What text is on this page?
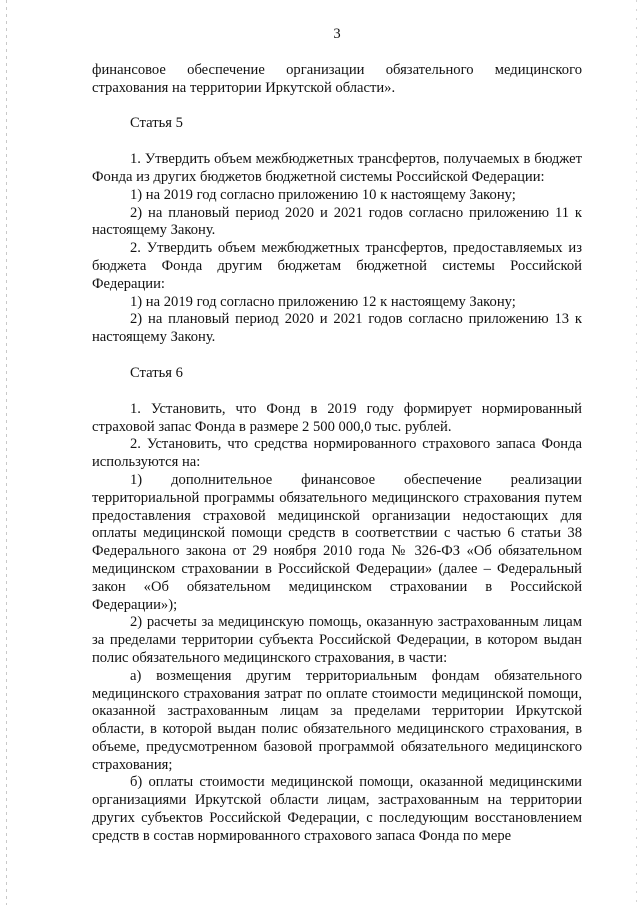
3

финансовое обеспечение организации обязательного медицинского страхования на территории Иркутской области».

Статья 5

1. Утвердить объем межбюджетных трансфертов, получаемых в бюджет Фонда из других бюджетов бюджетной системы Российской Федерации:

1) на 2019 год согласно приложению 10 к настоящему Закону;

2) на плановый период 2020 и 2021 годов согласно приложению 11 к настоящему Закону.

2. Утвердить объем межбюджетных трансфертов, предоставляемых из бюджета Фонда другим бюджетам бюджетной системы Российской Федерации:

1) на 2019 год согласно приложению 12 к настоящему Закону;

2) на плановый период 2020 и 2021 годов согласно приложению 13 к настоящему Закону.

Статья 6

1. Установить, что Фонд в 2019 году формирует нормированный страховой запас Фонда в размере 2 500 000,0 тыс. рублей.

2. Установить, что средства нормированного страхового запаса Фонда используются на:

1) дополнительное финансовое обеспечение реализации территориальной программы обязательного медицинского страхования путем предоставления страховой медицинской организации недостающих для оплаты медицинской помощи средств в соответствии с частью 6 статьи 38 Федерального закона от 29 ноября 2010 года № 326-ФЗ «Об обязательном медицинском страховании в Российской Федерации» (далее – Федеральный закон «Об обязательном медицинском страховании в Российской Федерации»);

2) расчеты за медицинскую помощь, оказанную застрахованным лицам за пределами территории субъекта Российской Федерации, в котором выдан полис обязательного медицинского страхования, в части:

а) возмещения другим территориальным фондам обязательного медицинского страхования затрат по оплате стоимости медицинской помощи, оказанной застрахованным лицам за пределами территории Иркутской области, в которой выдан полис обязательного медицинского страхования, в объеме, предусмотренном базовой программой обязательного медицинского страхования;

б) оплаты стоимости медицинской помощи, оказанной медицинскими организациями Иркутской области лицам, застрахованным на территории других субъектов Российской Федерации, с последующим восстановлением средств в состав нормированного страхового запаса Фонда по мере
